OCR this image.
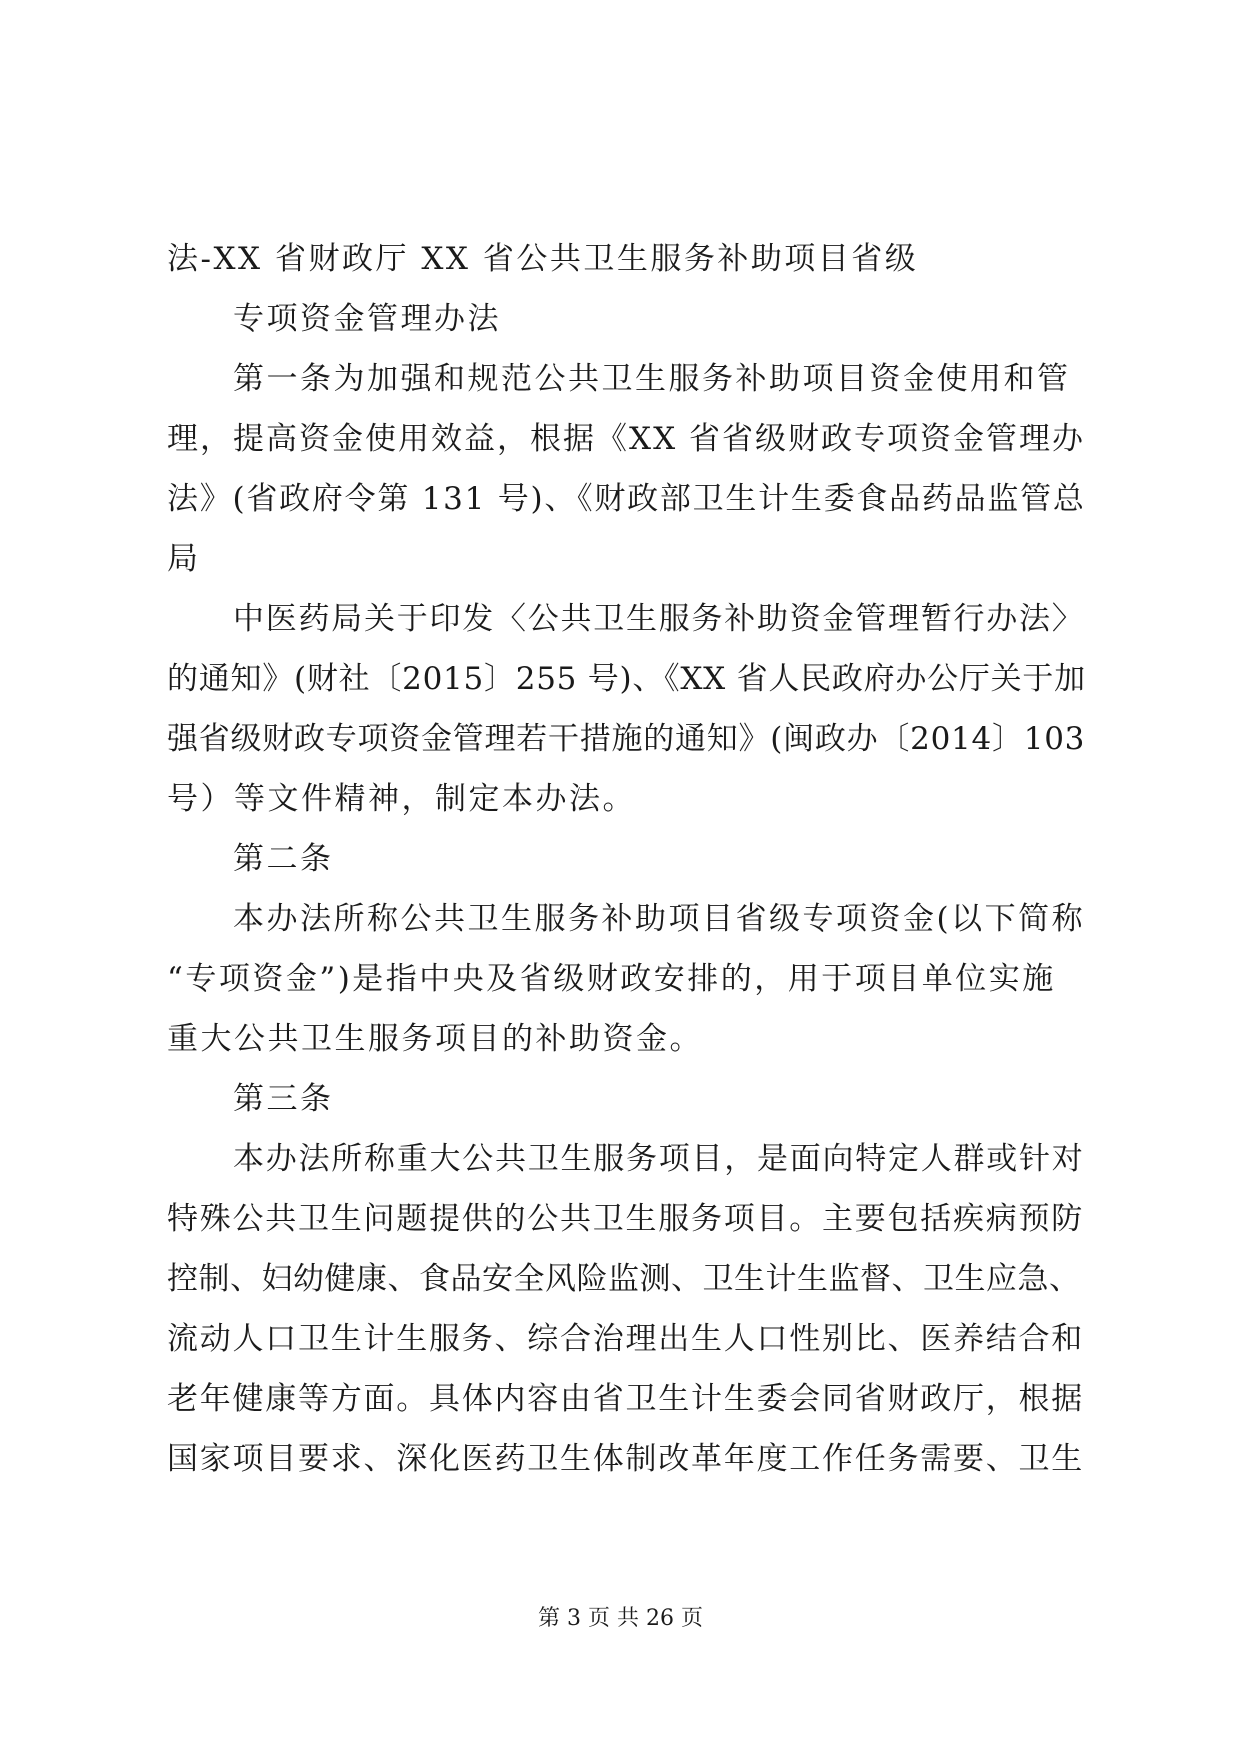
法-XX 省财政厅 XX 省公共卫生服务补助项目省级

专项资金管理办法

第一条为加强和规范公共卫生服务补助项目资金使用和管

理，提高资金使用效益，根据《XX 省省级财政专项资金管理办

法》(省政府令第 131 号)、《财政部卫生计生委食品药品监管总

局

中医药局关于印发〈公共卫生服务补助资金管理暂行办法〉

的通知》(财社〔2015〕255 号)、《XX 省人民政府办公厅关于加

强省级财政专项资金管理若干措施的通知》(闽政办〔2014〕103

号）等文件精神，制定本办法。

第二条

本办法所称公共卫生服务补助项目省级专项资金(以下简称

“专项资金”)是指中央及省级财政安排的，用于项目单位实施

重大公共卫生服务项目的补助资金。

第三条

本办法所称重大公共卫生服务项目，是面向特定人群或针对

特殊公共卫生问题提供的公共卫生服务项目。主要包括疾病预防

控制、妇幼健康、食品安全风险监测、卫生计生监督、卫生应急、

流动人口卫生计生服务、综合治理出生人口性别比、医养结合和

老年健康等方面。具体内容由省卫生计生委会同省财政厅，根据

国家项目要求、深化医药卫生体制改革年度工作任务需要、卫生

第 3 页 共 26 页
